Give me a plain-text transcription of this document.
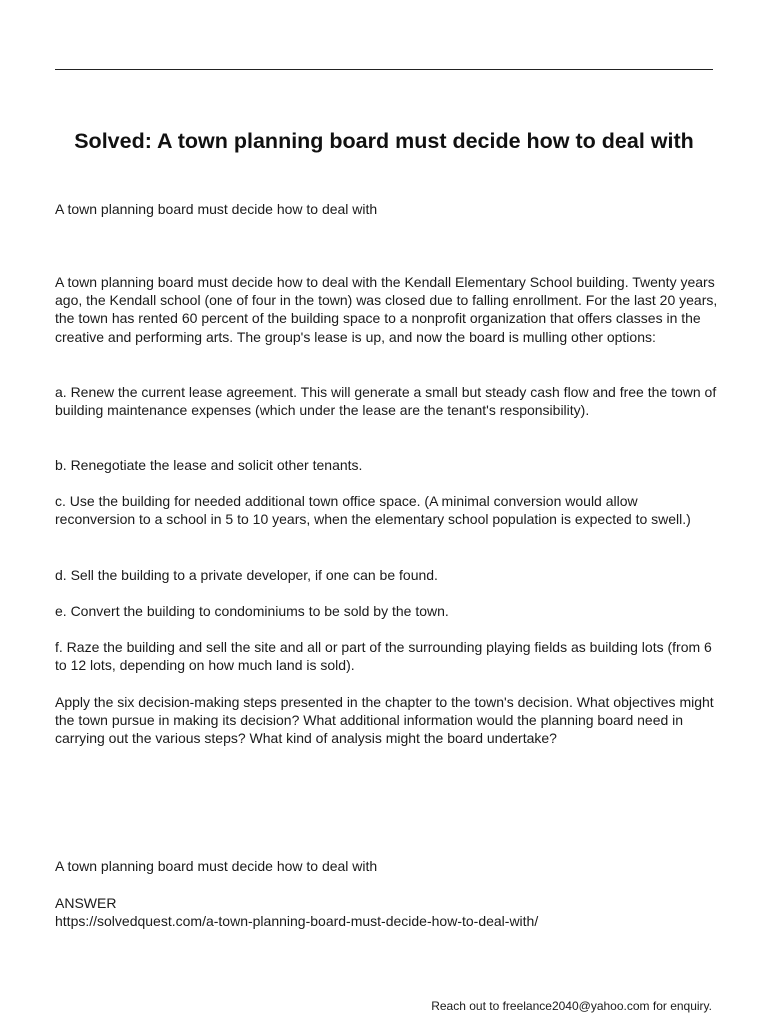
Solved: A town planning board must decide how to deal with

A town planning board must decide how to deal with

A town planning board must decide how to deal with the Kendall Elementary School building. Twenty years ago, the Kendall school (one of four in the town) was closed due to falling enrollment. For the last 20 years, the town has rented 60 percent of the building space to a nonprofit organization that offers classes in the creative and performing arts. The group's lease is up, and now the board is mulling other options:

a. Renew the current lease agreement. This will generate a small but steady cash flow and free the town of building maintenance expenses (which under the lease are the tenant's responsibility).

b. Renegotiate the lease and solicit other tenants.

c. Use the building for needed additional town office space. (A minimal conversion would allow reconversion to a school in 5 to 10 years, when the elementary school population is expected to swell.)

d. Sell the building to a private developer, if one can be found.

e. Convert the building to condominiums to be sold by the town.

f. Raze the building and sell the site and all or part of the surrounding playing fields as building lots (from 6 to 12 lots, depending on how much land is sold).

Apply the six decision-making steps presented in the chapter to the town's decision. What objectives might the town pursue in making its decision? What additional information would the planning board need in carrying out the various steps? What kind of analysis might the board undertake?

A town planning board must decide how to deal with

ANSWER

https://solvedquest.com/a-town-planning-board-must-decide-how-to-deal-with/

Reach out to freelance2040@yahoo.com for enquiry.
